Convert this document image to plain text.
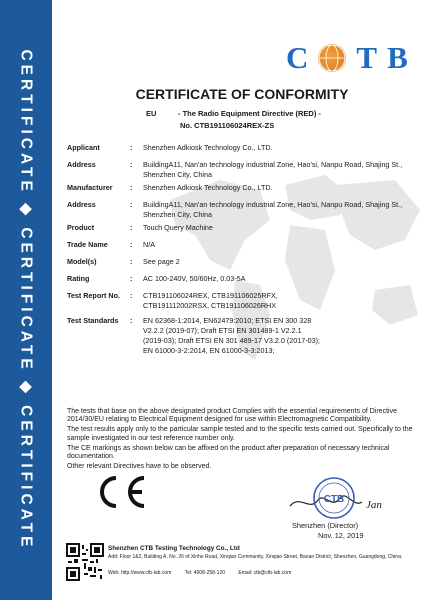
CERTIFICATE ◆ CERTIFICATE ◆ CERTIFICATE	C T B
CERTIFICATE OF CONFORMITY
EU	- The Radio Equipment Directive (RED) -
No. CTB191106024REX-ZS
Applicant	: Shenzhen Adkiosk Technology Co., LTD.
Address	: BuildingA11, Nan'an technology industrial Zone, Hao'si, Nanpu Road, Shajing St., Shenzhen City, China
Manufacturer	: Shenzhen Adkiosk Technology Co., LTD.
Address	: BuildingA11, Nan'an technology industrial Zone, Hao'si, Nanpu Road, Shajing St., Shenzhen City, China
Product	: Touch Query Machine
Trade Name	: N/A
Model(s)	: See page 2
Rating	: AC 100-240V, 50/60Hz, 0.03-5A
Test Report No.	: CTB191106024REX, CTB191106025RFX, CTB191112002RSX, CTB191106026RHX
Test Standards	: EN 62368-1:2014, EN62479:2010; ETSI EN 300 328 V2.2.2 (2019-07); Draft ETSI EN 301489-1 V2.2.1 (2019-03); Draft ETSI EN 301 489-17 V3.2.0 (2017-03); EN 61000-3-2:2014, EN 61000-3-3:2013;

The tests that base on the above designated product Complies with the essential requirements of Directive 2014/30/EU relating to Electrical Equipment designed for use within Electromagnetic Compatibility.

The test results apply only to the particular sample tested and to the specific tests carried out. Specifically to the sample investigated in our test reference number only.

The CE markings as shown below can be affixed on the product after preparation of necessary technical documentation.

Other relevant Directives have to be observed.

Jan
CTB
Shenzhen (Director)
Nov. 12, 2019
Shenzhen CTB Testing Technology Co., Ltd
Add: Floor 1&2, Building A, No. 26 of Xinhe Road, Xinqiao Community, Xinqiao Street, Baoan District, Shenzhen, Guangdong, China.
Web: http://www.ctb-lab.com	Tel: 4008-258-120	Email: ctb@ctb-lab.com
